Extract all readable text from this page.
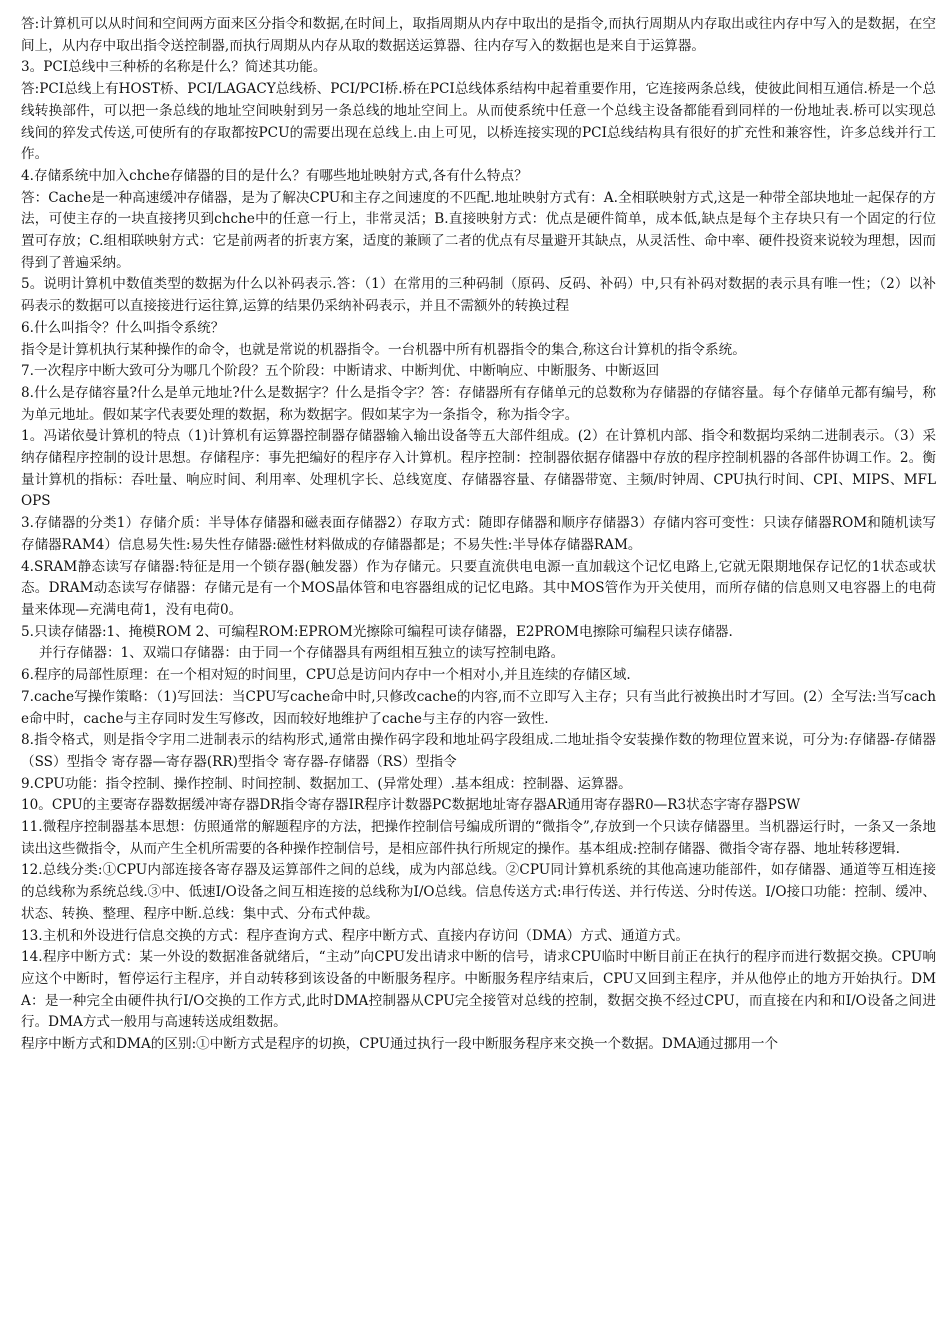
答:计算机可以从时间和空间两方面来区分指令和数据,在时间上，取指周期从内存中取出的是指令,而执行周期从内存取出或往内存中写入的是数据，在空间上，从内存中取出指令送控制器,而执行周期从内存从取的数据送运算器、往内存写入的数据也是来自于运算器。

3。PCI总线中三种桥的名称是什么？简述其功能。

答:PCI总线上有HOST桥、PCI/LAGACY总线桥、PCI/PCI桥.桥在PCI总线体系结构中起着重要作用，它连接两条总线，使彼此间相互通信.桥是一个总线转换部件，可以把一条总线的地址空间映射到另一条总线的地址空间上。从而使系统中任意一个总线主设备都能看到同样的一份地址表.桥可以实现总线间的猝发式传送,可使所有的存取都按PCU的需要出现在总线上.由上可见，以桥连接实现的PCI总线结构具有很好的扩充性和兼容性，许多总线并行工作。

4.存储系统中加入chche存储器的目的是什么？有哪些地址映射方式,各有什么特点？

答：Cache是一种高速缓冲存储器，是为了解决CPU和主存之间速度的不匹配.地址映射方式有：A.全相联映射方式,这是一种带全部块地址一起保存的方法，可使主存的一块直接拷贝到chche中的任意一行上，非常灵活；B.直接映射方式：优点是硬件简单，成本低,缺点是每个主存块只有一个固定的行位置可存放；C.组相联映射方式：它是前两者的折衷方案，适度的兼顾了二者的优点有尽量避开其缺点，从灵活性、命中率、硬件投资来说较为理想，因而得到了普遍采纳。

5。说明计算机中数值类型的数据为什么以补码表示.答：（1）在常用的三种码制（原码、反码、补码）中,只有补码对数据的表示具有唯一性；（2）以补码表示的数据可以直接接进行运往算,运算的结果仍采纳补码表示，并且不需额外的转换过程

6.什么叫指令？什么叫指令系统？

指令是计算机执行某种操作的命令，也就是常说的机器指令。一台机器中所有机器指令的集合,称这台计算机的指令系统。

7.一次程序中断大致可分为哪几个阶段？五个阶段：中断请求、中断判优、中断响应、中断服务、中断返回

8.什么是存储容量?什么是单元地址?什么是数据字？什么是指令字？答：存储器所有存储单元的总数称为存储器的存储容量。每个存储单元都有编号，称为单元地址。假如某字代表要处理的数据，称为数据字。假如某字为一条指令，称为指令字。

1。冯诺依曼计算机的特点（1)计算机有运算器控制器存储器输入输出设备等五大部件组成。(2）在计算机内部、指令和数据均采纳二进制表示。（3）采纳存储程序控制的设计思想。存储程序：事先把编好的程序存入计算机。程序控制：控制器依据存储器中存放的程序控制机器的各部件协调工作。2。衡量计算机的指标：吞吐量、响应时间、利用率、处理机字长、总线宽度、存储器容量、存储器带宽、主频/时钟周、CPU执行时间、CPI、MIPS、MFLOPS

3.存储器的分类1）存储介质：半导体存储器和磁表面存储器2）存取方式：随即存储器和顺序存储器3）存储内容可变性：只读存储器ROM和随机读写存储器RAM4）信息易失性:易失性存储器:磁性材料做成的存储器都是；不易失性:半导体存储器RAM。

4.SRAM静态读写存储器:特征是用一个锁存器(触发器）作为存储元。只要直流供电电源一直加载这个记忆电路上,它就无限期地保存记忆的1状态或状态。DRAM动态读写存储器：存储元是有一个MOS晶体管和电容器组成的记忆电路。其中MOS管作为开关使用，而所存储的信息则又电容器上的电荷量来体现—充满电荷1，没有电荷0。

5.只读存储器:1、掩模ROM 2、可编程ROM:EPROM光擦除可编程可读存储器，E2PROM电擦除可编程只读存储器.

并行存储器：1、双端口存储器：由于同一个存储器具有两组相互独立的读写控制电路。

6.程序的局部性原理：在一个相对短的时间里，CPU总是访问内存中一个相对小,并且连续的存储区域.

7.cache写操作策略：（1)写回法：当CPU写cache命中时,只修改cache的内容,而不立即写入主存；只有当此行被换出时才写回。(2）全写法:当写cache命中时，cache与主存同时发生写修改，因而较好地维护了cache与主存的内容一致性.

8.指令格式，则是指令字用二进制表示的结构形式,通常由操作码字段和地址码字段组成.二地址指令安装操作数的物理位置来说，可分为:存储器-存储器（SS）型指令 寄存器—寄存器(RR)型指令 寄存器-存储器（RS）型指令

9.CPU功能：指令控制、操作控制、时间控制、数据加工、(异常处理）.基本组成：控制器、运算器。

10。CPU的主要寄存器数据缓冲寄存器DR指令寄存器IR程序计数器PC数据地址寄存器AR通用寄存器R0—R3状态字寄存器PSW

11.微程序控制器基本思想：仿照通常的解题程序的方法，把操作控制信号编成所谓的“微指令”,存放到一个只读存储器里。当机器运行时，一条又一条地读出这些微指令，从而产生全机所需要的各种操作控制信号，是相应部件执行所规定的操作。基本组成:控制存储器、微指令寄存器、地址转移逻辑.

12.总线分类:①CPU内部连接各寄存器及运算部件之间的总线，成为内部总线。②CPU同计算机系统的其他高速功能部件，如存储器、通道等互相连接的总线称为系统总线.③中、低速I/O设备之间互相连接的总线称为I/O总线。信息传送方式:串行传送、并行传送、分时传送。I/O接口功能：控制、缓冲、状态、转换、整理、程序中断.总线：集中式、分布式仲裁。

13.主机和外设进行信息交换的方式：程序查询方式、程序中断方式、直接内存访问（DMA）方式、通道方式。

14.程序中断方式：某一外设的数据准备就绪后，“主动”向CPU发出请求中断的信号，请求CPU临时中断目前正在执行的程序而进行数据交换。CPU响应这个中断时，暂停运行主程序，并自动转移到该设备的中断服务程序。中断服务程序结束后，CPU又回到主程序，并从他停止的地方开始执行。DMA：是一种完全由硬件执行I/O交换的工作方式,此时DMA控制器从CPU完全接管对总线的控制，数据交换不经过CPU，而直接在内和和I/O设备之间进行。DMA方式一般用与高速转送成组数据。

程序中断方式和DMA的区别:①中断方式是程序的切换，CPU通过执行一段中断服务程序来交换一个数据。DMA通过挪用一个
